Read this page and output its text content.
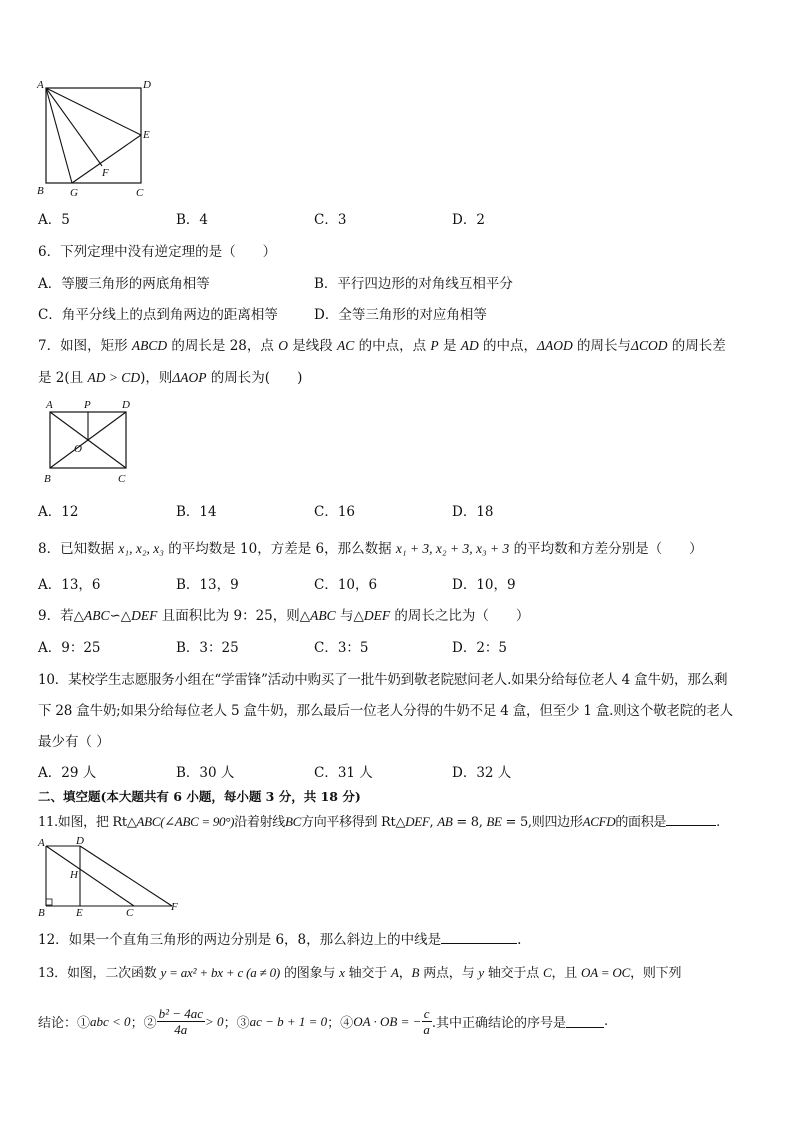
A	D
E
F
B G	C
A．5	B．4	C．3	D．2
6．下列定理中没有逆定理的是（　　）
A．等腰三角形的两底角相等	B．平行四边形的对角线互相平分
C．角平分线上的点到角两边的距离相等	D．全等三角形的对应角相等
7．如图，矩形 ABCD 的周长是 28，点 O 是线段 AC 的中点，点 P 是 AD 的中点，ΔAOD 的周长与ΔCOD 的周长差
是 2(且 AD > CD)，则ΔAOP 的周长为(　　)
A	P	D
O
B	C
A．12	B．14	C．16	D．18
8．已知数据 x₁, x₂, x₃ 的平均数是 10，方差是 6，那么数据 x₁ + 3, x₂ + 3, x₃ + 3 的平均数和方差分别是（　　）
A．13，6	B．13，9	C．10，6	D．10，9
9．若△ABC∽△DEF 且面积比为 9：25，则△ABC 与△DEF 的周长之比为（　　）
A．9：25	B．3：25	C．3：5	D．2：5
10．某校学生志愿服务小组在“学雷锋”活动中购买了一批牛奶到敬老院慰问老人.如果分给每位老人 4 盒牛奶，那么剩
下 28 盒牛奶;如果分给每位老人 5 盒牛奶，那么最后一位老人分得的牛奶不足 4 盒，但至少 1 盒.则这个敬老院的老人
最少有（ ）
A．29 人	B．30 人	C．31 人	D．32 人
二、填空题(本大题共有 6 小题，每小题 3 分，共 18 分)
11.如图，把 Rt△ABC(∠ABC = 90°)沿着射线BC方向平移得到 Rt△DEF, AB = 8, BE = 5,则四边形ACFD的面积是	.
A	D
H
B	E	C	F
12．如果一个直角三角形的两边分别是 6，8，那么斜边上的中线是	.
13．如图，二次函数 y = ax² + bx + c (a ≠ 0) 的图象与 x 轴交于 A，B 两点，与 y 轴交于点 C，且 OA = OC，则下列
结论：① abc < 0 ；② $\frac{\text{b² − 4ac}}{4a} > 0$ ；③ ac − b + 1 = 0 ；④ OA · OB = − $\frac{c}{a}$ .其中正确结论的序号是	.
